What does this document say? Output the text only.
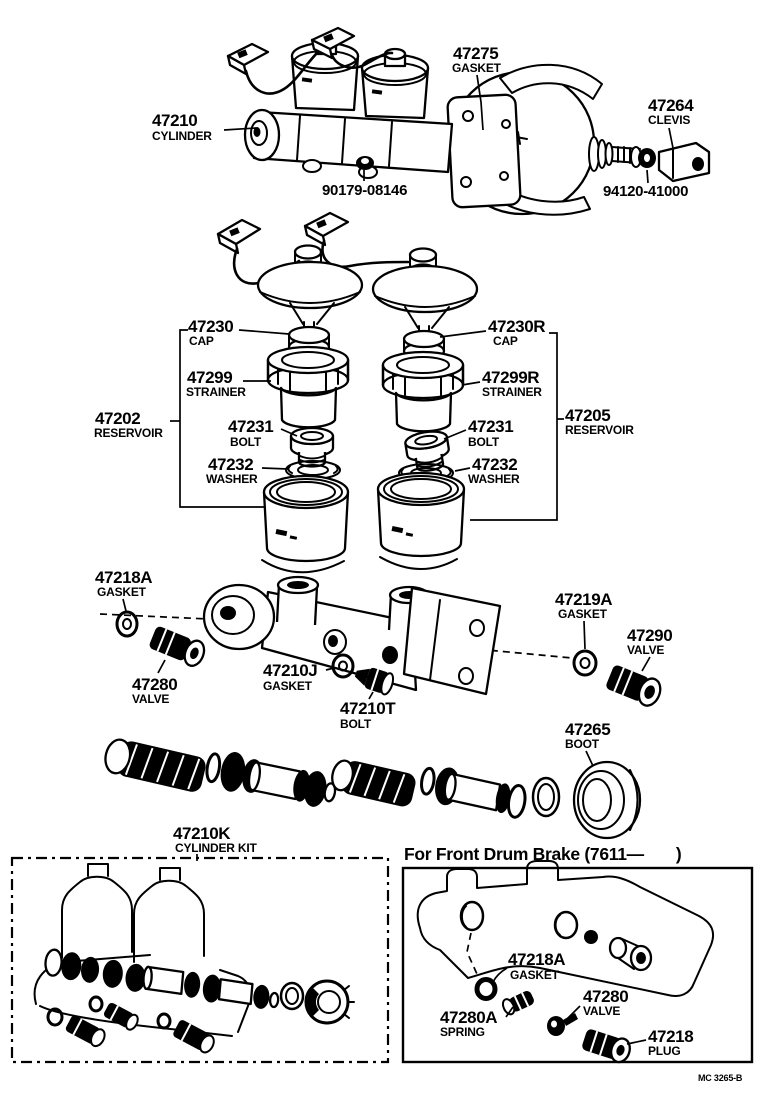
47210
CYLINDER
47275
GASKET
90179-08146
47264
CLEVIS
94120-41000
47230
CAP
47230R
CAP
47299
STRAINER
47299R
STRAINER
47202
RESERVOIR
47205
RESERVOIR
47231
BOLT
47231
BOLT
47232
WASHER
47232
WASHER
47218A
GASKET
47280
VALVE
47210J
GASKET
47210T
BOLT
47219A
GASKET
47290
VALVE
47265
BOOT
47210K
CYLINDER KIT	For Front Drum Brake (7611—       )
47218A
GASKET
47280A
SPRING
47280
VALVE
47218
PLUG
MC 3265-B
